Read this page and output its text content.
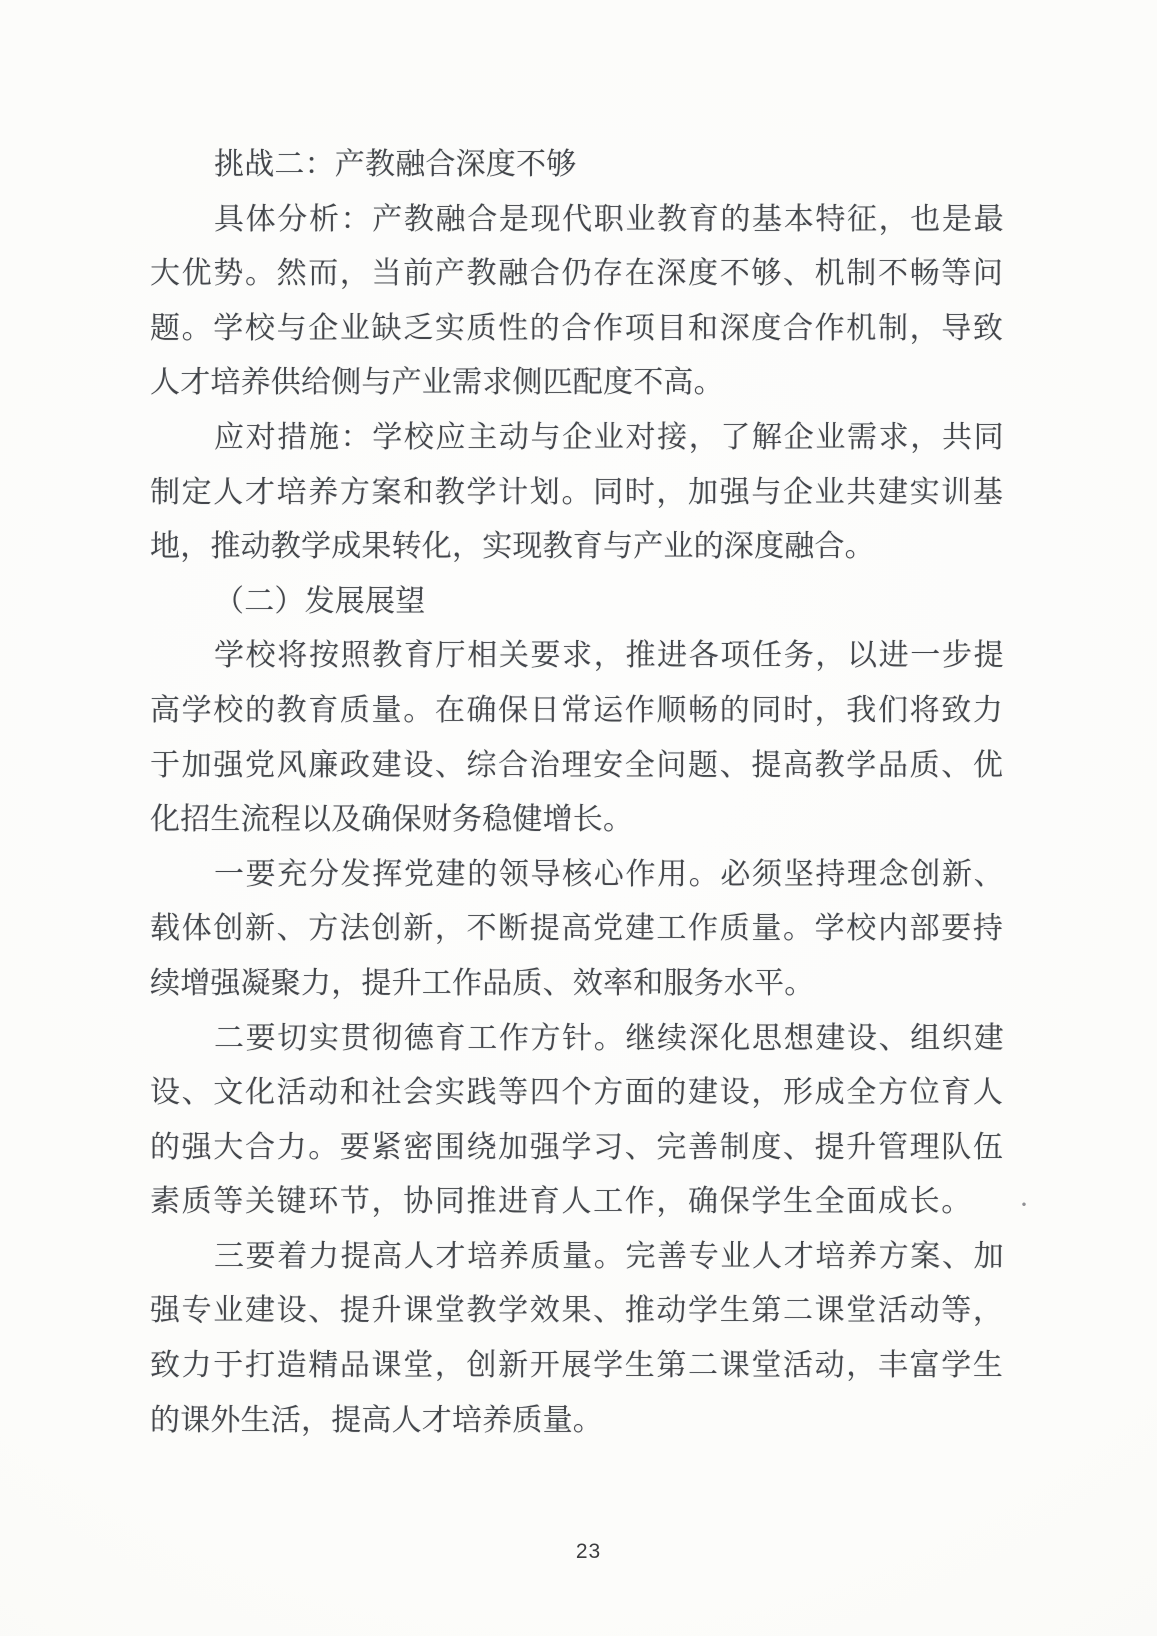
挑战二：产教融合深度不够
具体分析：产教融合是现代职业教育的基本特征，也是最
大优势。然而，当前产教融合仍存在深度不够、机制不畅等问
题。学校与企业缺乏实质性的合作项目和深度合作机制，导致
人才培养供给侧与产业需求侧匹配度不高。
应对措施：学校应主动与企业对接，了解企业需求，共同
制定人才培养方案和教学计划。同时，加强与企业共建实训基
地，推动教学成果转化，实现教育与产业的深度融合。
（二）发展展望
学校将按照教育厅相关要求，推进各项任务，以进一步提
高学校的教育质量。在确保日常运作顺畅的同时，我们将致力
于加强党风廉政建设、综合治理安全问题、提高教学品质、优
化招生流程以及确保财务稳健增长。
一要充分发挥党建的领导核心作用。必须坚持理念创新、
载体创新、方法创新，不断提高党建工作质量。学校内部要持
续增强凝聚力，提升工作品质、效率和服务水平。
二要切实贯彻德育工作方针。继续深化思想建设、组织建
设、文化活动和社会实践等四个方面的建设，形成全方位育人
的强大合力。要紧密围绕加强学习、完善制度、提升管理队伍
素质等关键环节，协同推进育人工作，确保学生全面成长。
三要着力提高人才培养质量。完善专业人才培养方案、加
强专业建设、提升课堂教学效果、推动学生第二课堂活动等，
致力于打造精品课堂，创新开展学生第二课堂活动，丰富学生
的课外生活，提高人才培养质量。
·
23
